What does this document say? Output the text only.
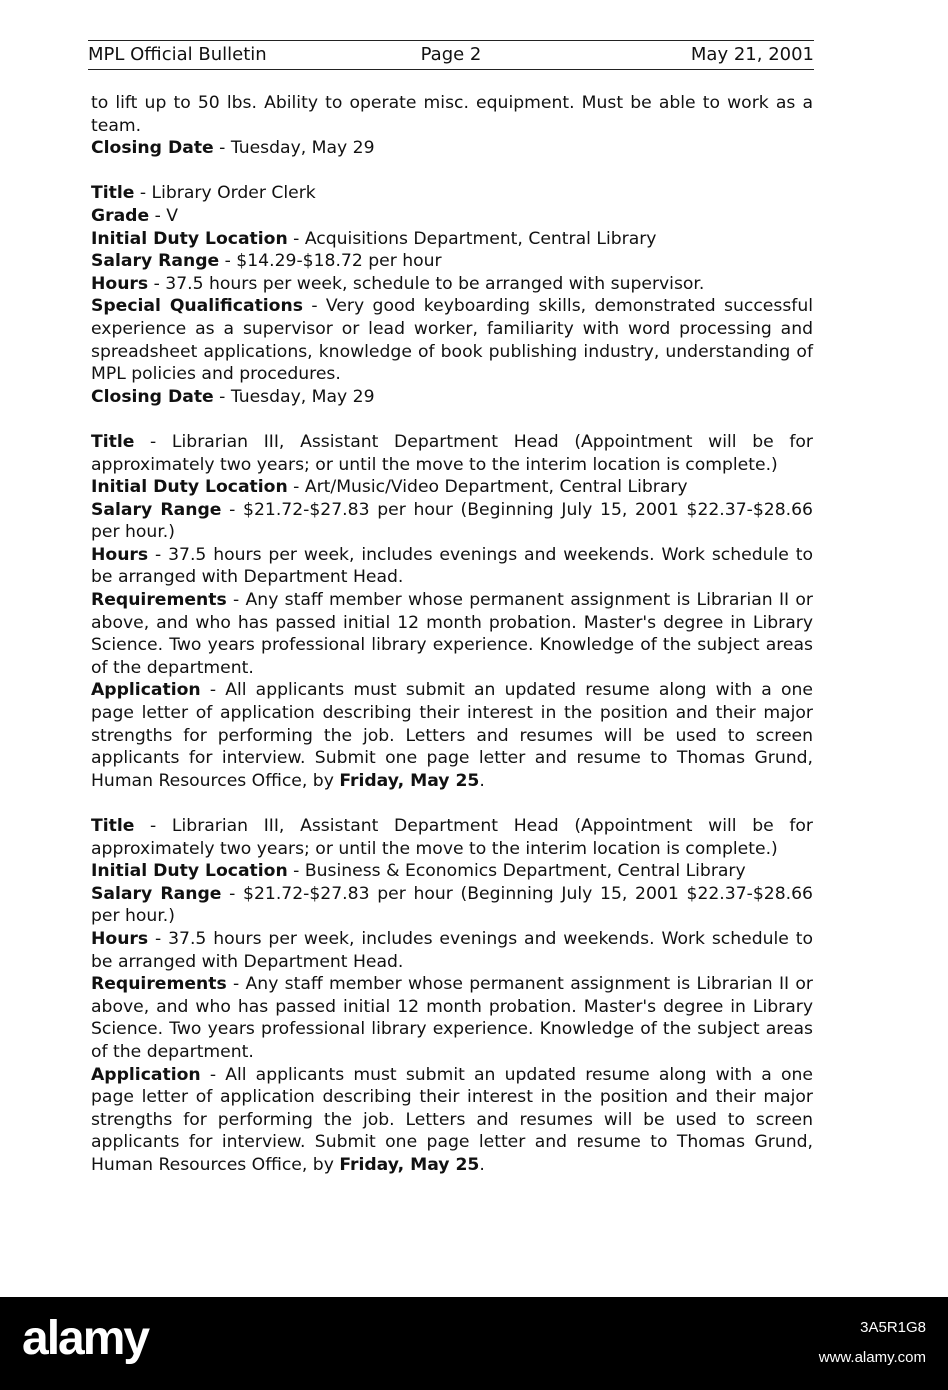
MPL Official Bulletin	Page 2	May 21, 2001

to lift up to 50 lbs. Ability to operate misc. equipment. Must be able to work as a team.

Closing Date - Tuesday, May 29

Title - Library Order Clerk

Grade - V

Initial Duty Location - Acquisitions Department, Central Library

Salary Range - $14.29-$18.72 per hour

Hours - 37.5 hours per week, schedule to be arranged with supervisor.

Special Qualifications - Very good keyboarding skills, demonstrated successful experience as a supervisor or lead worker, familiarity with word processing and spreadsheet applications, knowledge of book publishing industry, understanding of MPL policies and procedures.

Closing Date - Tuesday, May 29

Title - Librarian III, Assistant Department Head (Appointment will be for approximately two years; or until the move to the interim location is complete.)

Initial Duty Location - Art/Music/Video Department, Central Library

Salary Range - $21.72-$27.83 per hour (Beginning July 15, 2001 $22.37-$28.66 per hour.)

Hours - 37.5 hours per week, includes evenings and weekends. Work schedule to be arranged with Department Head.

Requirements - Any staff member whose permanent assignment is Librarian II or above, and who has passed initial 12 month probation. Master's degree in Library Science. Two years professional library experience. Knowledge of the subject areas of the department.

Application - All applicants must submit an updated resume along with a one page letter of application describing their interest in the position and their major strengths for performing the job. Letters and resumes will be used to screen applicants for interview. Submit one page letter and resume to Thomas Grund, Human Resources Office, by Friday, May 25.

Title - Librarian III, Assistant Department Head (Appointment will be for approximately two years; or until the move to the interim location is complete.)

Initial Duty Location - Business & Economics Department, Central Library

Salary Range - $21.72-$27.83 per hour (Beginning July 15, 2001 $22.37-$28.66 per hour.)

Hours - 37.5 hours per week, includes evenings and weekends. Work schedule to be arranged with Department Head.

Requirements - Any staff member whose permanent assignment is Librarian II or above, and who has passed initial 12 month probation. Master's degree in Library Science. Two years professional library experience. Knowledge of the subject areas of the department.

Application - All applicants must submit an updated resume along with a one page letter of application describing their interest in the position and their major strengths for performing the job. Letters and resumes will be used to screen applicants for interview. Submit one page letter and resume to Thomas Grund, Human Resources Office, by Friday, May 25.

alamy	3A5R1G8
www.alamy.com
